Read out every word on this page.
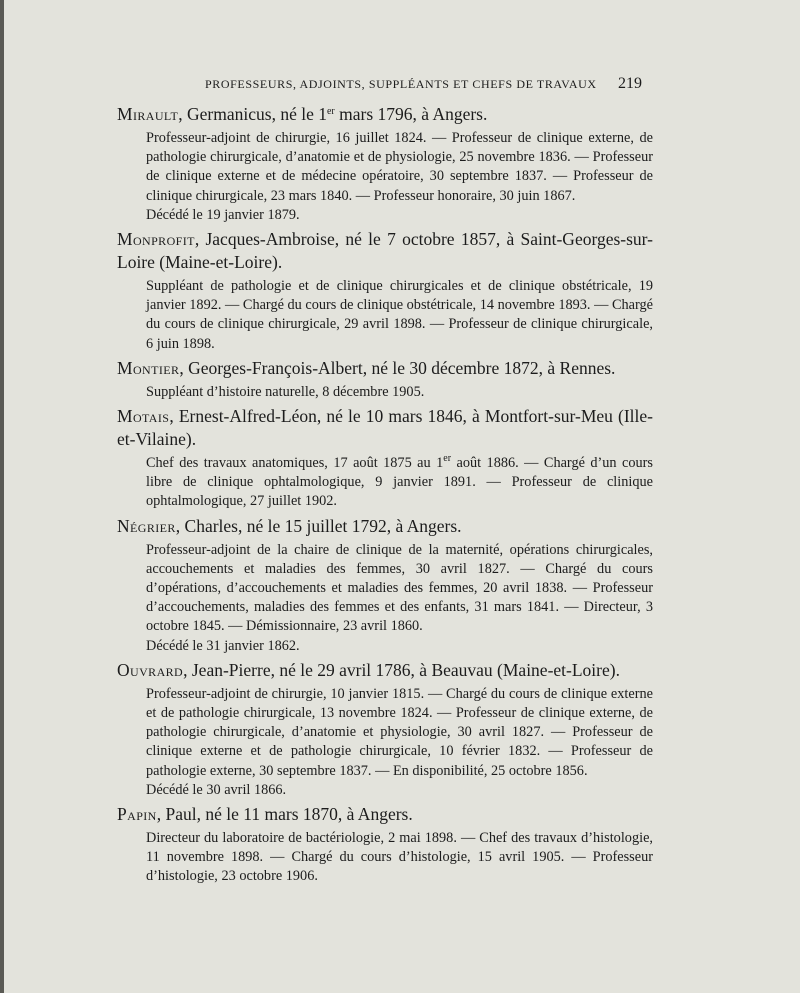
PROFESSEURS, ADJOINTS, SUPPLÉANTS ET CHEFS DE TRAVAUX 219
Mirault, Germanicus, né le 1er mars 1796, à Angers.

Professeur-adjoint de chirurgie, 16 juillet 1824. — Professeur de clinique externe, de pathologie chirurgicale, d’anatomie et de physiologie, 25 novembre 1836. — Professeur de clinique externe et de médecine opératoire, 30 septembre 1837. — Professeur de clinique chirurgicale, 23 mars 1840. — Professeur honoraire, 30 juin 1867.

Décédé le 19 janvier 1879.

Monprofit, Jacques-Ambroise, né le 7 octobre 1857, à Saint-Georges-sur-Loire (Maine-et-Loire).

Suppléant de pathologie et de clinique chirurgicales et de clinique obstétricale, 19 janvier 1892. — Chargé du cours de clinique obstétricale, 14 novembre 1893. — Chargé du cours de clinique chirurgicale, 29 avril 1898. — Professeur de clinique chirurgicale, 6 juin 1898.

Montier, Georges-François-Albert, né le 30 décembre 1872, à Rennes.

Suppléant d’histoire naturelle, 8 décembre 1905.

Motais, Ernest-Alfred-Léon, né le 10 mars 1846, à Montfort-sur-Meu (Ille-et-Vilaine).

Chef des travaux anatomiques, 17 août 1875 au 1er août 1886. — Chargé d’un cours libre de clinique ophtalmologique, 9 janvier 1891. — Professeur de clinique ophtalmologique, 27 juillet 1902.

Négrier, Charles, né le 15 juillet 1792, à Angers.

Professeur-adjoint de la chaire de clinique de la maternité, opérations chirurgicales, accouchements et maladies des femmes, 30 avril 1827. — Chargé du cours d’opérations, d’accouchements et maladies des femmes, 20 avril 1838. — Professeur d’accouchements, maladies des femmes et des enfants, 31 mars 1841. — Directeur, 3 octobre 1845. — Démissionnaire, 23 avril 1860.

Décédé le 31 janvier 1862.

Ouvrard, Jean-Pierre, né le 29 avril 1786, à Beauvau (Maine-et-Loire).

Professeur-adjoint de chirurgie, 10 janvier 1815. — Chargé du cours de clinique externe et de pathologie chirurgicale, 13 novembre 1824. — Professeur de clinique externe, de pathologie chirurgicale, d’anatomie et physiologie, 30 avril 1827. — Professeur de clinique externe et de pathologie chirurgicale, 10 février 1832. — Professeur de pathologie externe, 30 septembre 1837. — En disponibilité, 25 octobre 1856.

Décédé le 30 avril 1866.

Papin, Paul, né le 11 mars 1870, à Angers.

Directeur du laboratoire de bactériologie, 2 mai 1898. — Chef des travaux d’histologie, 11 novembre 1898. — Chargé du cours d’histologie, 15 avril 1905. — Professeur d’histologie, 23 octobre 1906.
